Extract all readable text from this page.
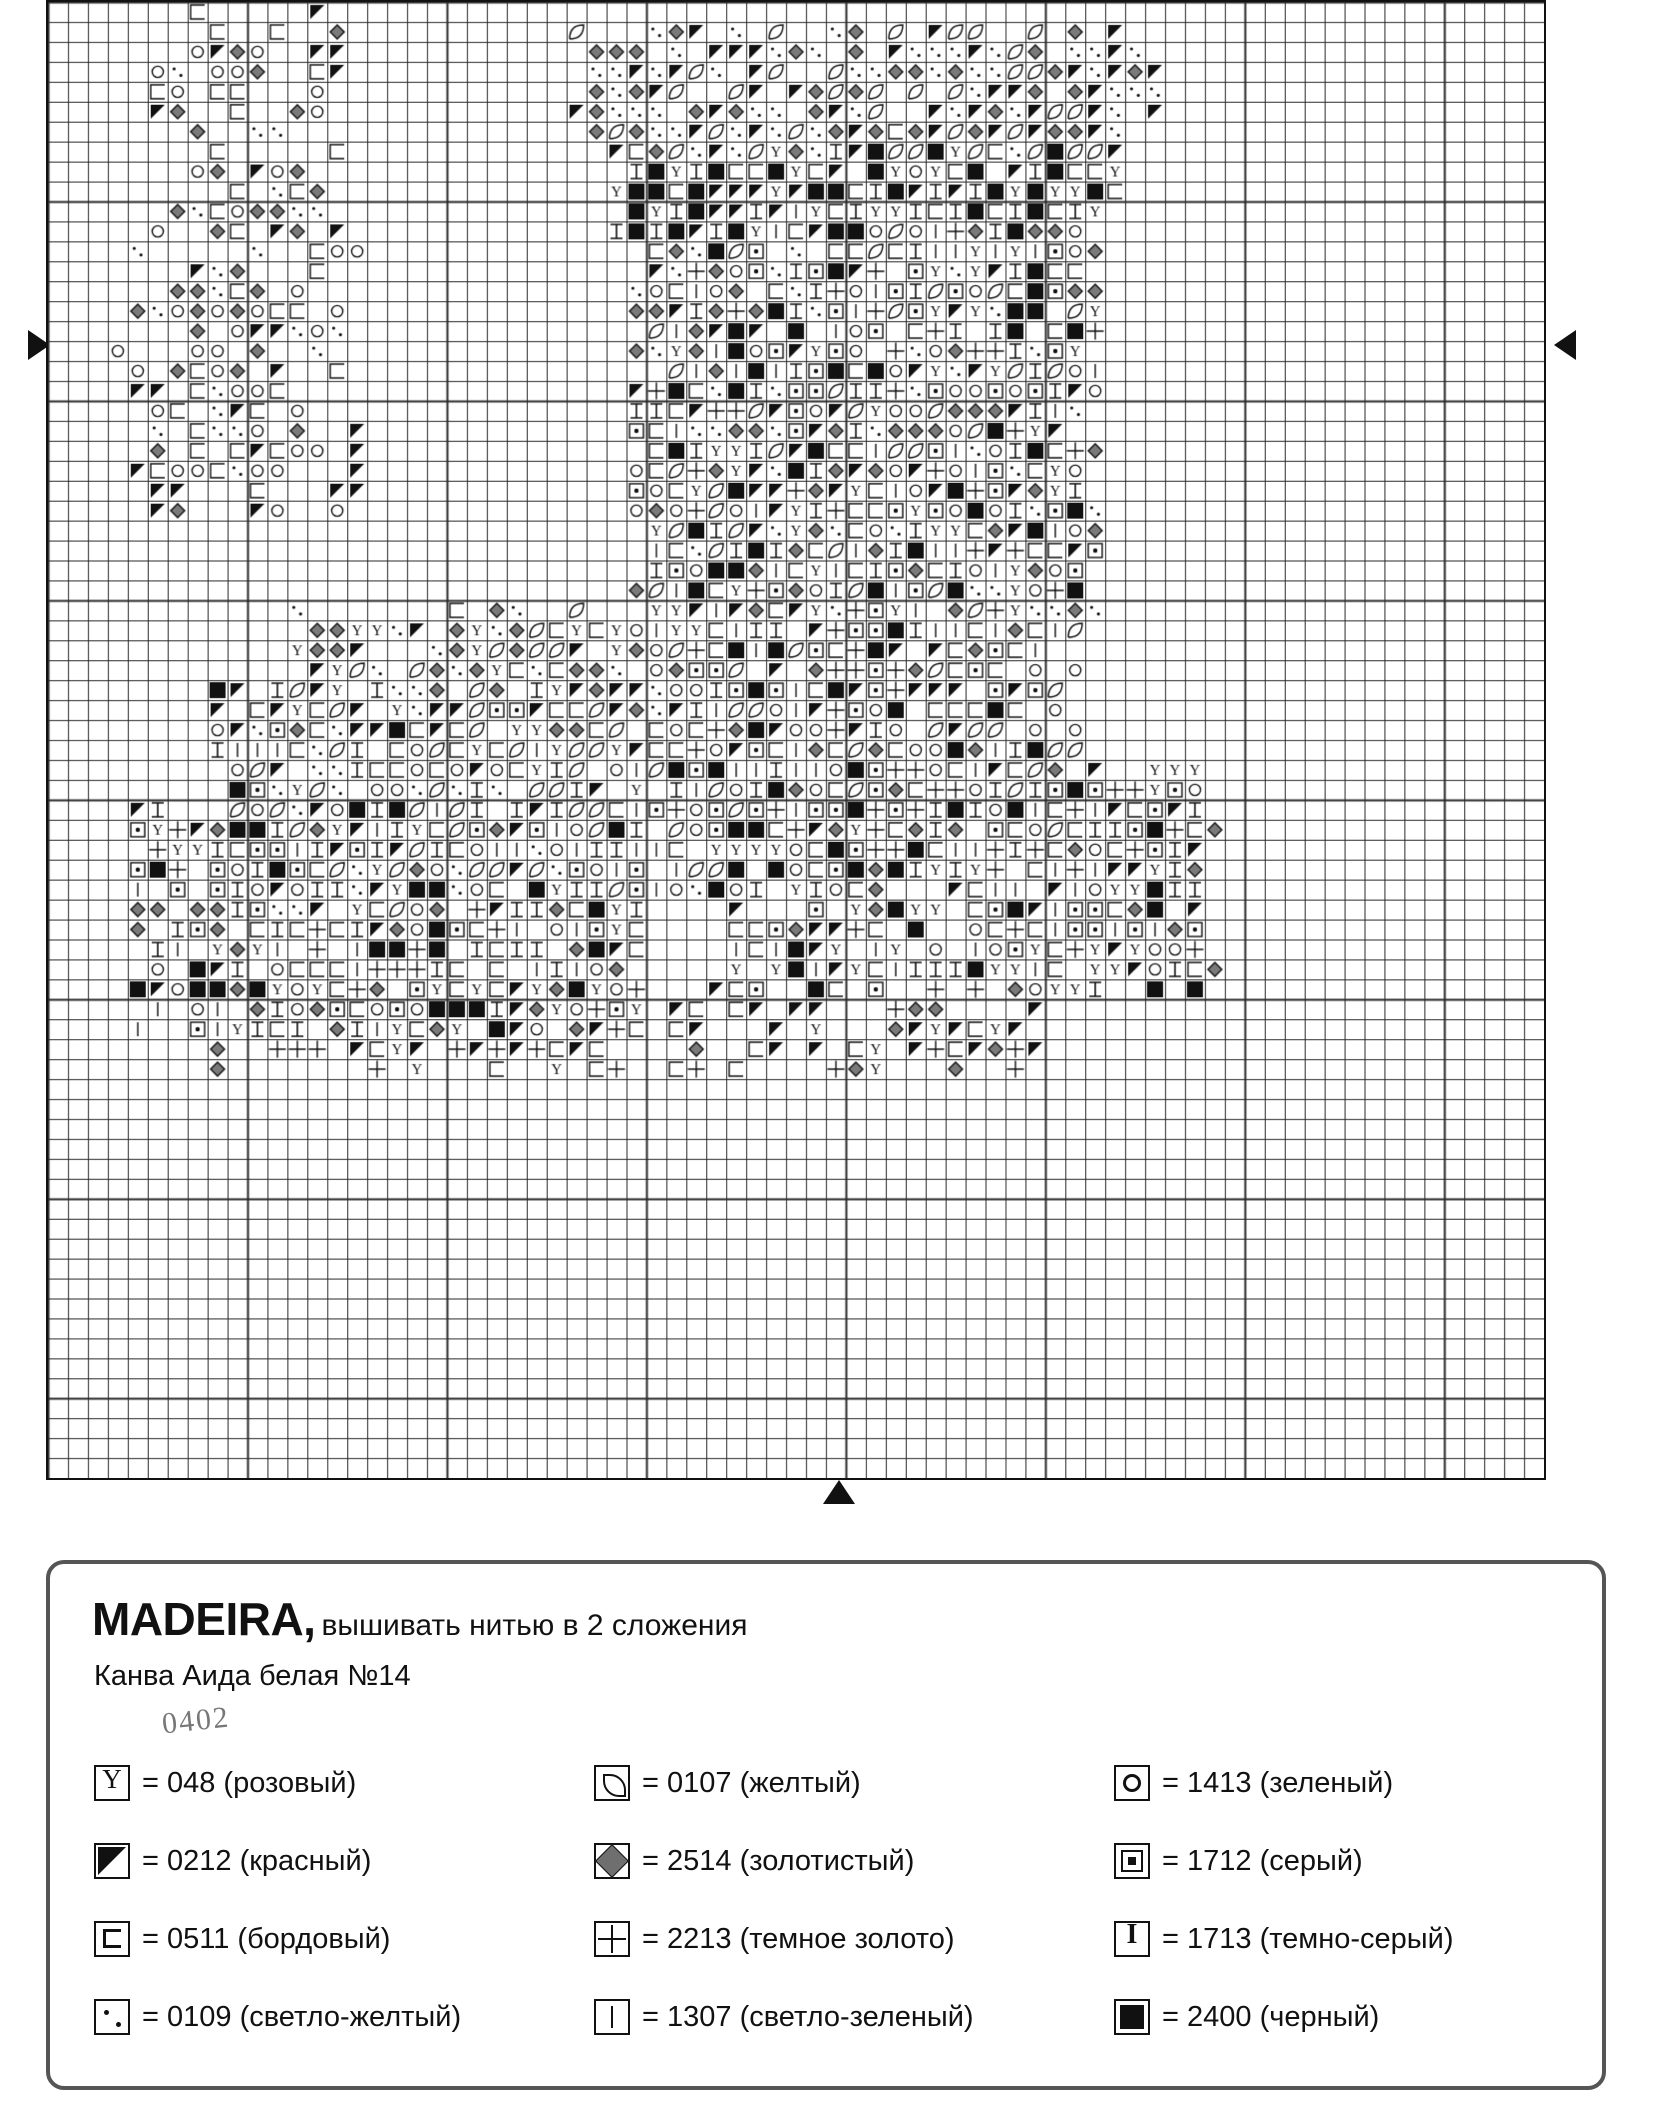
MADEIRA, вышивать нитью в 2 сложения
Канва Аида белая №14
0402
Y
= 048 (розовый)	= 0107 (желтый)	= 1413 (зеленый)
= 0212 (красный)	= 2514 (золотистый)	= 1712 (серый)
= 0511 (бордовый)	= 2213 (темное золото) I	= 1713 (темно-серый)
= 0109 (светло-желтый)	= 1307 (светло-зеленый)	= 2400 (черный)
